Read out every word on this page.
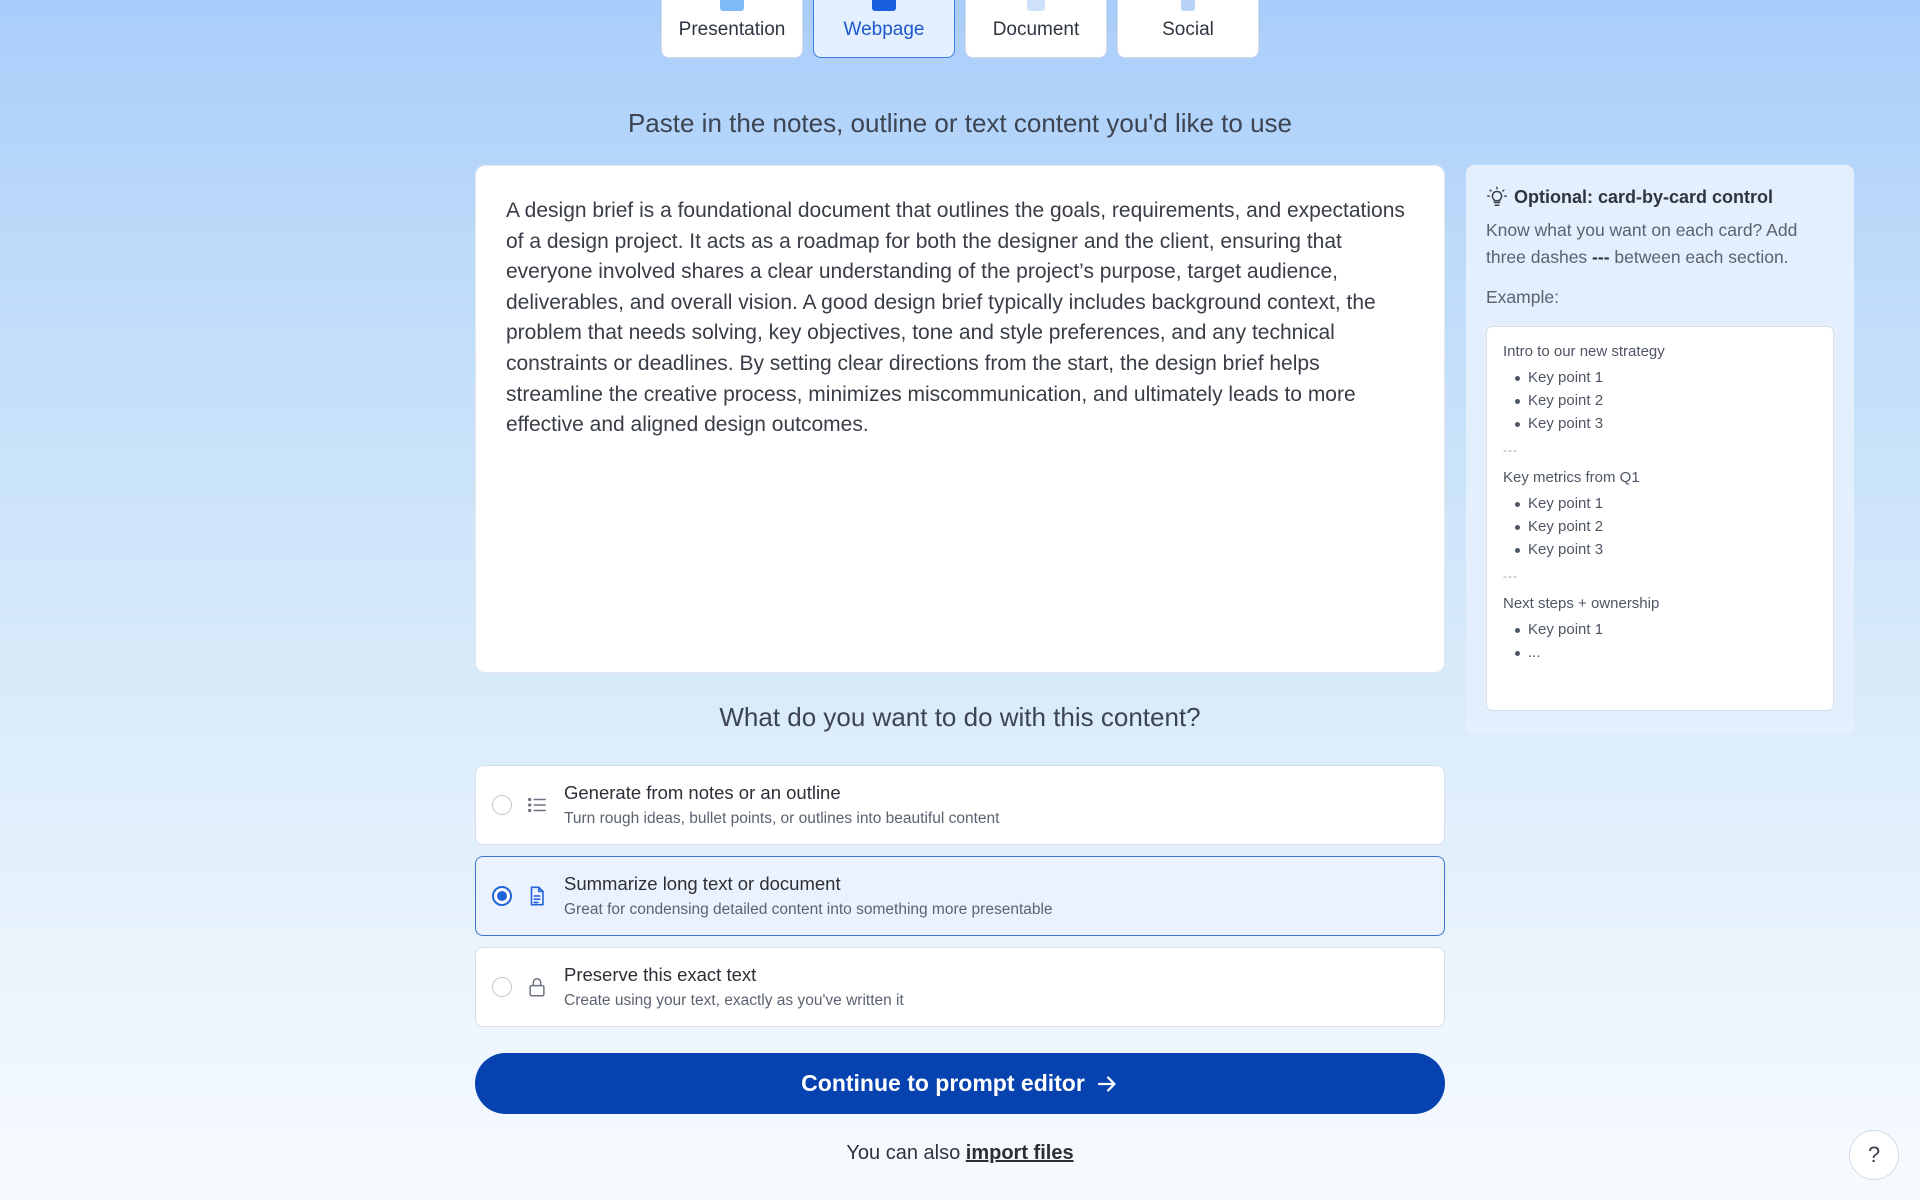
Presentation	Webpage	Document	Social
Paste in the notes, outline or text content you'd like to use
A design brief is a foundational document that outlines the goals, requirements, and expectations of a design project. It acts as a roadmap for both the designer and the client, ensuring that everyone involved shares a clear understanding of the project’s purpose, target audience, deliverables, and overall vision. A good design brief typically includes background context, the problem that needs solving, key objectives, tone and style preferences, and any technical constraints or deadlines. By setting clear directions from the start, the design brief helps streamline the creative process, minimizes miscommunication, and ultimately leads to more effective and aligned design outcomes.
Optional: card-by-card control
Know what you want on each card? Add three dashes --- between each section.
Example:
Intro to our new strategy
Key point 1
Key point 2
Key point 3
---
Key metrics from Q1
Key point 1
Key point 2
Key point 3
---
Next steps + ownership
Key point 1
...
What do you want to do with this content?
Generate from notes or an outline
Turn rough ideas, bullet points, or outlines into beautiful content
Summarize long text or document
Great for condensing detailed content into something more presentable
Preserve this exact text
Create using your text, exactly as you've written it
Continue to prompt editor
You can also import files	?
